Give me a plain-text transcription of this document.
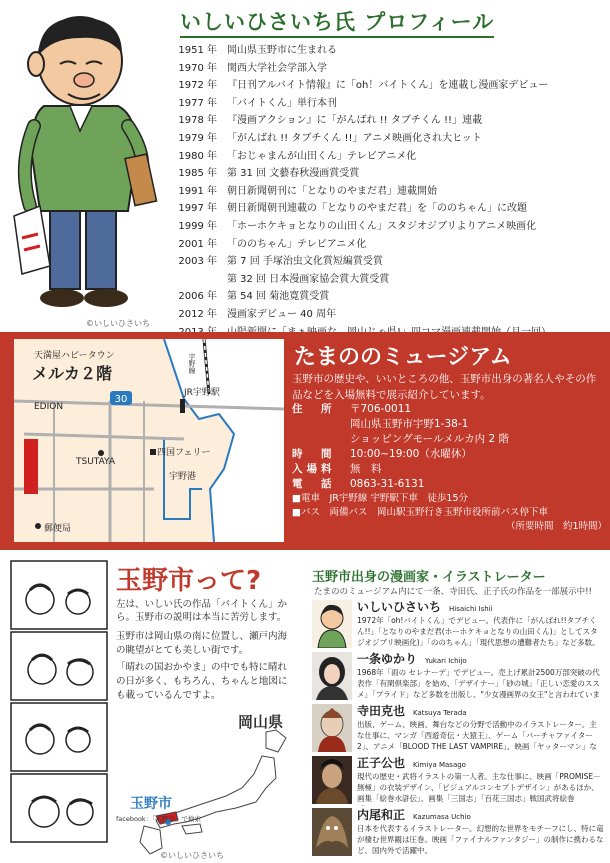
©いしいひさいち
いしいひさいち氏 プロフィール
1951 年	岡山県玉野市に生まれる
1970 年	関西大学社会学部入学
1972 年	『日刊アルバイト情報』に「oh！バイトくん」を連載し漫画家デビュー
1977 年	「バイトくん」単行本刊
1978 年	『漫画アクション』に「がんばれ !! タブチくん !!」連載
1979 年	「がんばれ !! タブチくん !!」アニメ映画化され大ヒット
1980 年	「おじゃまんが山田くん」テレビアニメ化
1985 年	第 31 回 文藝春秋漫画賞受賞
1991 年	朝日新聞朝刊に「となりのやまだ君」連載開始
1997 年	朝日新聞朝刊連載の「となりのやまだ君」を「ののちゃん」に改題
1999 年	「ホーホケキョとなりの山田くん」スタジオジブリよりアニメ映画化
2001 年	「ののちゃん」テレビアニメ化
2003 年	第 7 回 手塚治虫文化賞短編賞受賞
第 32 回 日本漫画家協会賞大賞受賞
2006 年	第 54 回 菊池寛賞受賞
2012 年	漫画家デビュー 40 周年
30
天満屋ハピータウン
メルカ２階
EDION
TSUTAYA
郵便局
JR宇野駅
四国フェリー
宇野港
宇野線	たまののミュージアム
玉野市の歴史や、いいところの他、玉野市出身の著名人やその作品などを入場無料で展示紹介しています。
住　所	〒706-0011
岡山県玉野市宇野1-38-1
ショッピングモールメルカ内 2 階
時　間	10:00~19:00（水曜休）
入場料	無　料
電　話	0863-31-6131
■電車　JR宇野線 宇野駅下車　徒歩15分
■バス　両備バス　岡山駅玉野行き玉野市役所前バス停下車
（所要時間　約1時間）
玉野市って?
左は、いしい氏の作品「バイトくん」から。玉野市の説明は本当に苦労します。

玉野市は岡山県の南に位置し、瀬戸内海の眺望がとても美しい街です。

「晴れの国おかやま」の中でも特に晴れの日が多く、もちろん、ちゃんと地図にも載っているんですよ。

岡山県
玉野市
facebook：「玉野市」で検索
©いしいひさいち
玉野市出身の漫画家・イラストレーター
たまののミュージアム内にて一条、寺田氏、正子氏の作品を一部展示中!!
いしいひさいち Hisaichi Ishii
1972年「oh!バイトくん」でデビュー。代表作に「がんばれ!!タブチくん!!」「となりのやまだ君(ホーホケキョとなりの山田くん)」としてスタジオジブリ映画化)」「ののちゃん」「現代思想の遭難者たち」など多数。
一条ゆかり Yukari Ichijo
1968年「雨の セレナーデ」でデビュー。売上げ累計2500万部突破の代表作「有閑倶楽部」を始め、「デザイナー」「砂の城」「正しい恋愛のススメ」「プライド」など多数を出版し、"少女漫画界の女王"と言われていま
寺田克也 Katsuya Terada
出版、ゲーム、映画、舞台などの分野で活動中のイラストレーター。主な仕事に、マンガ「西遊奇伝・大猿王」、ゲーム「バーチャファイター2」、アニメ「BLOOD THE LAST VAMPIRE」、映画「ヤッターマン」な
正子公也 Kimiya Masago
現代の歴史・武将イラストの第一人者。主な仕事に、映画「PROMISE－無極」の衣装デザイン、「ビジュアルコンセプトデザイン」があるほか、画集「絵巻水滸伝」、画集「三国志」「百花三国志」戦国武将絵巻
内尾和正 Kazumasa Uchio
日本を代表するイラストレーター。幻想的な世界をモチーフにし、特に竜が棲む世界観は圧巻。映画「ファイナルファンタジー」の制作に携わるなど、国内外で活躍中。
